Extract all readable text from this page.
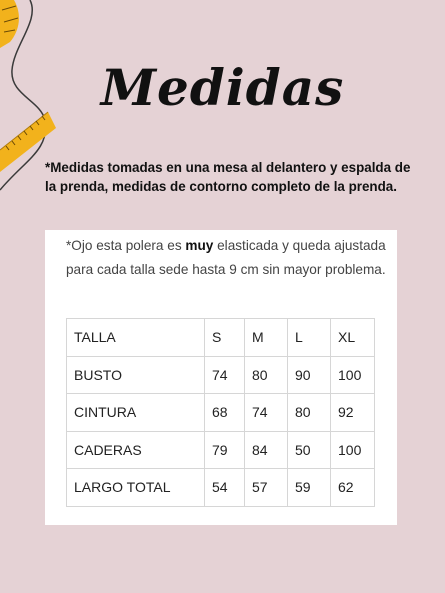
Medidas

*Medidas tomadas en una mesa al delantero y espalda de la prenda, medidas de contorno completo de la prenda.

*Ojo esta polera es muy elasticada y queda ajustada para cada talla sede hasta 9 cm sin mayor problema.

TALLA	S	M	L	XL
BUSTO	74	80	90	100
CINTURA	68	74	80	92
CADERAS	79	84	50	100
LARGO TOTAL	54	57	59	62
